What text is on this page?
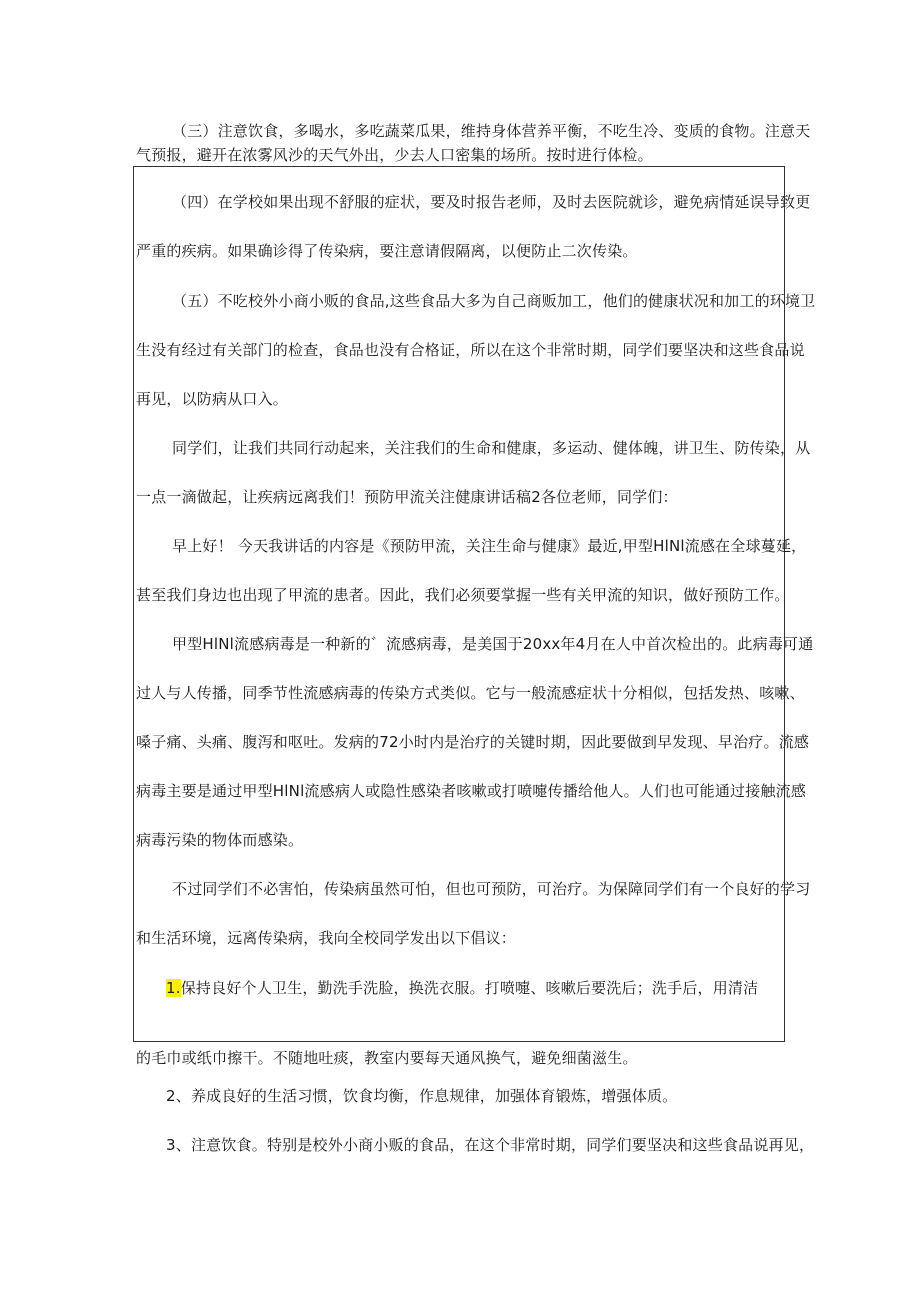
（三）注意饮食，多喝水，多吃蔬菜瓜果，维持身体营养平衡，不吃生冷、变质的食物。注意天
气预报，避开在浓雾风沙的天气外出，少去人口密集的场所。按时进行体检。
（四）在学校如果出现不舒服的症状，要及时报告老师，及时去医院就诊，避免病情延误导致更
严重的疾病。如果确诊得了传染病，要注意请假隔离，以便防止二次传染。
（五）不吃校外小商小贩的食品,这些食品大多为自己商贩加工，他们的健康状况和加工的环境卫
生没有经过有关部门的检查，食品也没有合格证，所以在这个非常时期，同学们要坚决和这些食品说
再见，以防病从口入。
同学们，让我们共同行动起来，关注我们的生命和健康，多运动、健体魄，讲卫生、防传染，从
一点一滴做起，让疾病远离我们！预防甲流关注健康讲话稿2各位老师，同学们：
早上好！ 今天我讲话的内容是《预防甲流，关注生命与健康》最近,甲型HlNl流感在全球蔓延，
甚至我们身边也出现了甲流的患者。因此，我们必须要掌握一些有关甲流的知识，做好预防工作。
甲型HlNl流感病毒是一种新的゛流感病毒，是美国于20xx年4月在人中首次检出的。此病毒可通
过人与人传播，同季节性流感病毒的传染方式类似。它与一般流感症状十分相似，包括发热、咳嗽、
嗓子痛、头痛、腹泻和呕吐。发病的72小时内是治疗的关键时期，因此要做到早发现、早治疗。流感
病毒主要是通过甲型HlNl流感病人或隐性感染者咳嗽或打喷嚏传播给他人。人们也可能通过接触流感
病毒污染的物体而感染。
不过同学们不必害怕，传染病虽然可怕，但也可预防，可治疗。为保障同学们有一个良好的学习
和生活环境，远离传染病，我向全校同学发出以下倡议：
1.保持良好个人卫生，勤洗手洗脸，换洗衣服。打喷嚏、咳嗽后要洗后；洗手后，用清洁
的毛巾或纸巾擦干。不随地吐痰，教室内要每天通风换气，避免细菌滋生。
2、养成良好的生活习惯，饮食均衡，作息规律，加强体育锻炼，增强体质。
3、注意饮食。特别是校外小商小贩的食品，在这个非常时期，同学们要坚决和这些食品说再见，
